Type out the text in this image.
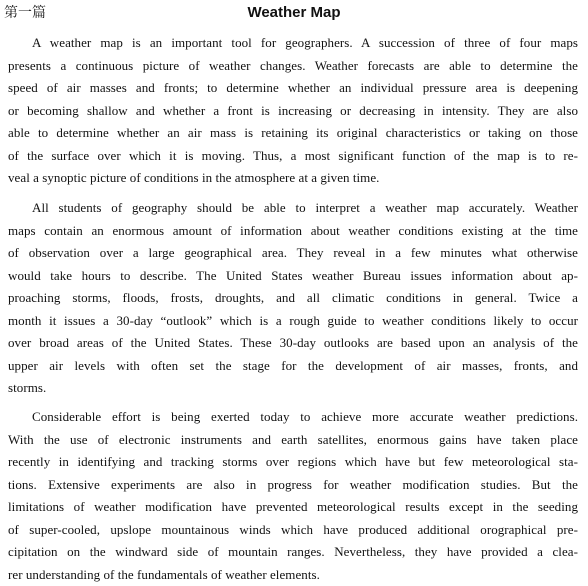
第一篇	Weather Map
A weather map is an important tool for geographers. A succession of three of four maps
presents a continuous picture of weather changes. Weather forecasts are able to determine the
speed of air masses and fronts; to determine whether an individual pressure area is deepening
or becoming shallow and whether a front is increasing or decreasing in intensity. They are also
able to determine whether an air mass is retaining its original characteristics or taking on those
of the surface over which it is moving. Thus, a most significant function of the map is to re-
veal a synoptic picture of conditions in the atmosphere at a given time.
All students of geography should be able to interpret a weather map accurately. Weather
maps contain an enormous amount of information about weather conditions existing at the time
of observation over a large geographical area. They reveal in a few minutes what otherwise
would take hours to describe. The United States weather Bureau issues information about ap-
proaching storms, floods, frosts, droughts, and all climatic conditions in general. Twice a
month it issues a 30-day “outlook” which is a rough guide to weather conditions likely to occur
over broad areas of the United States. These 30-day outlooks are based upon an analysis of the
upper air levels with often set the stage for the development of air masses, fronts, and
storms.
Considerable effort is being exerted today to achieve more accurate weather predictions.
With the use of electronic instruments and earth satellites, enormous gains have taken place
recently in identifying and tracking storms over regions which have but few meteorological sta-
tions. Extensive experiments are also in progress for weather modification studies. But the
limitations of weather modification have prevented meteorological results except in the seeding
of super-cooled, upslope mountainous winds which have produced additional orographical pre-
cipitation on the windward side of mountain ranges. Nevertheless, they have provided a clea-
rer understanding of the fundamentals of weather elements.
